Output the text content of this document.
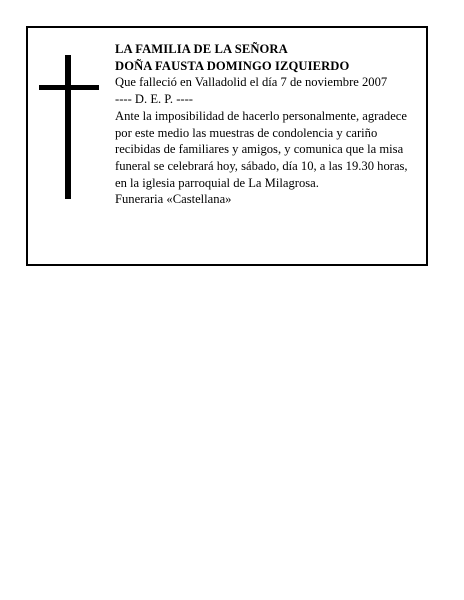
LA FAMILIA DE LA SEÑORA

DOÑA FAUSTA DOMINGO IZQUIERDO

Que falleció en Valladolid el día 7 de noviembre 2007

---- D. E. P. ----

Ante la imposibilidad de hacerlo personalmente, agradece por este medio las muestras de condolencia y cariño recibidas de familiares y amigos, y comunica que la misa funeral se celebrará hoy, sábado, día 10, a las 19.30 horas, en la iglesia parroquial de La Milagrosa.

Funeraria «Castellana»
